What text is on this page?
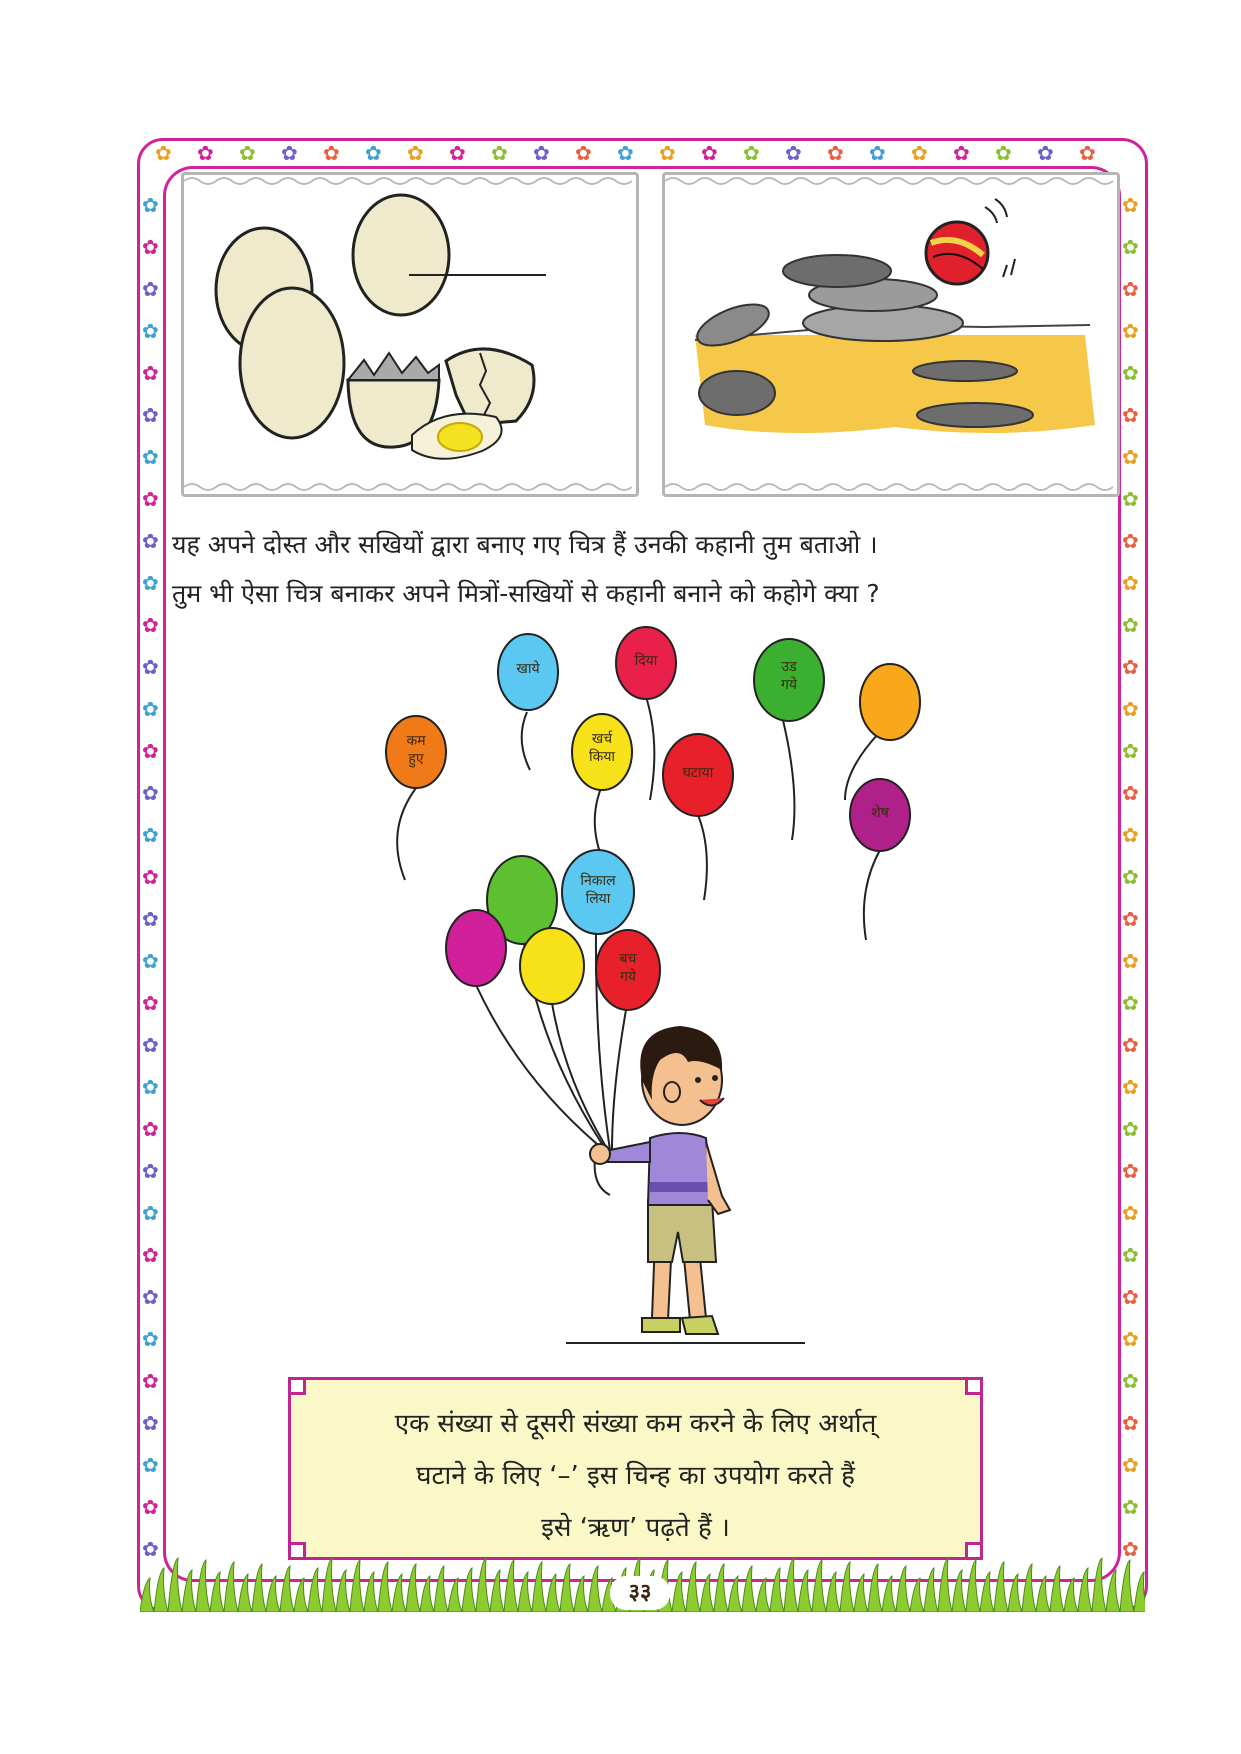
✿ ✿ ✿ ✿ ✿ ✿ ✿ ✿ ✿ ✿ ✿ ✿ ✿ ✿ ✿ ✿ ✿ ✿ ✿ ✿ ✿ ✿ ✿
✿	✿
✿	✿
✿	✿
✿	✿
✿	✿
✿	✿
✿	✿
✿	✿
✿	✿
✿	✿
✿	✿
✿	✿
✿	✿
✿	✿
✿	✿
✿	✿
✿	✿
✿	✿
✿	✿
✿	✿
✿	✿
✿	✿
✿	✿
✿	✿
✿	✿
✿	✿
✿	✿
✿	✿
✿	✿
✿	✿
✿	✿
✿	✿
✿	✿
यह अपने दोस्त और सखियों द्वारा बनाए गए चित्र हैं उनकी कहानी तुम बताओ ।
तुम भी ऐसा चित्र बनाकर अपने मित्रों-सखियों से कहानी बनाने को कहोगे क्या ?
खाये	दिया	उड
गये
कम
हुए
खर्च
किया
घटाया
शेष
निकाल
लिया
बच
गये
एक संख्या से दूसरी संख्या कम करने के लिए अर्थात्
घटाने के लिए ‘–’ इस चिन्ह का उपयोग करते हैं
इसे ‘ऋण’ पढ़ते हैं ।
३३
